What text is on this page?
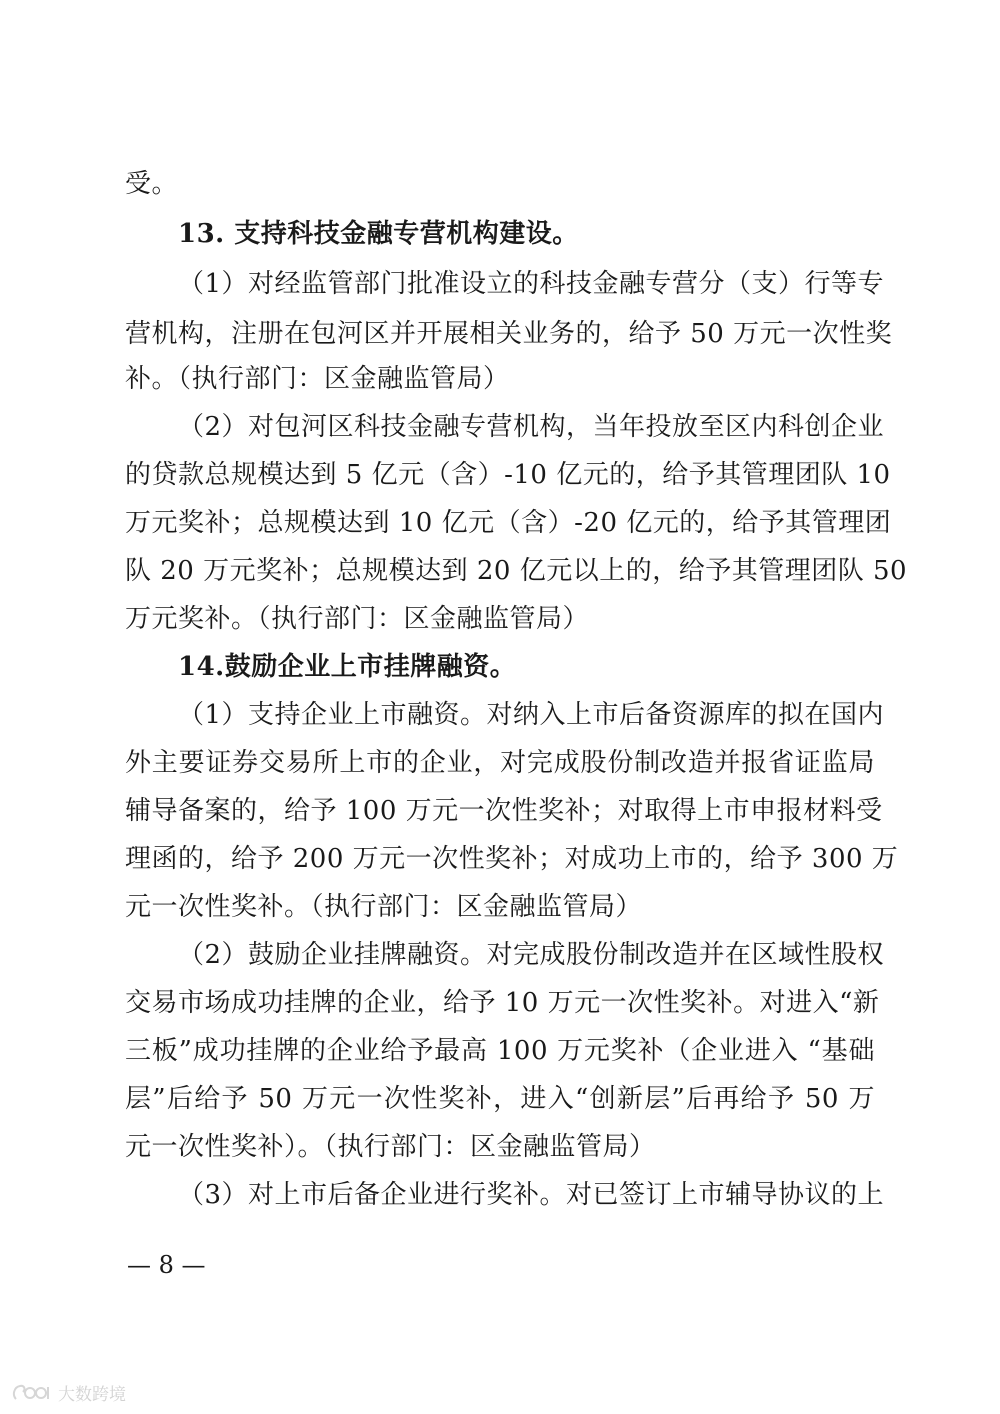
受。
13. 支持科技金融专营机构建设。
（1）对经监管部门批准设立的科技金融专营分（支）行等专
营机构，注册在包河区并开展相关业务的，给予 50 万元一次性奖
补。（执行部门：区金融监管局）
（2）对包河区科技金融专营机构，当年投放至区内科创企业
的贷款总规模达到 5 亿元（含）-10 亿元的，给予其管理团队 10
万元奖补；总规模达到 10 亿元（含）-20 亿元的，给予其管理团
队 20 万元奖补；总规模达到 20 亿元以上的，给予其管理团队 50
万元奖补。（执行部门：区金融监管局）
14.鼓励企业上市挂牌融资。
（1）支持企业上市融资。对纳入上市后备资源库的拟在国内
外主要证券交易所上市的企业，对完成股份制改造并报省证监局
辅导备案的，给予 100 万元一次性奖补；对取得上市申报材料受
理函的，给予 200 万元一次性奖补；对成功上市的，给予 300 万
元一次性奖补。（执行部门：区金融监管局）
（2）鼓励企业挂牌融资。对完成股份制改造并在区域性股权
交易市场成功挂牌的企业，给予 10 万元一次性奖补。对进入“新
三板”成功挂牌的企业给予最高 100 万元奖补（企业进入 “基础
层”后给予 50 万元一次性奖补，进入“创新层”后再给予 50 万
元一次性奖补）。（执行部门：区金融监管局）
（3）对上市后备企业进行奖补。对已签订上市辅导协议的上
— 8 —
大数跨境
